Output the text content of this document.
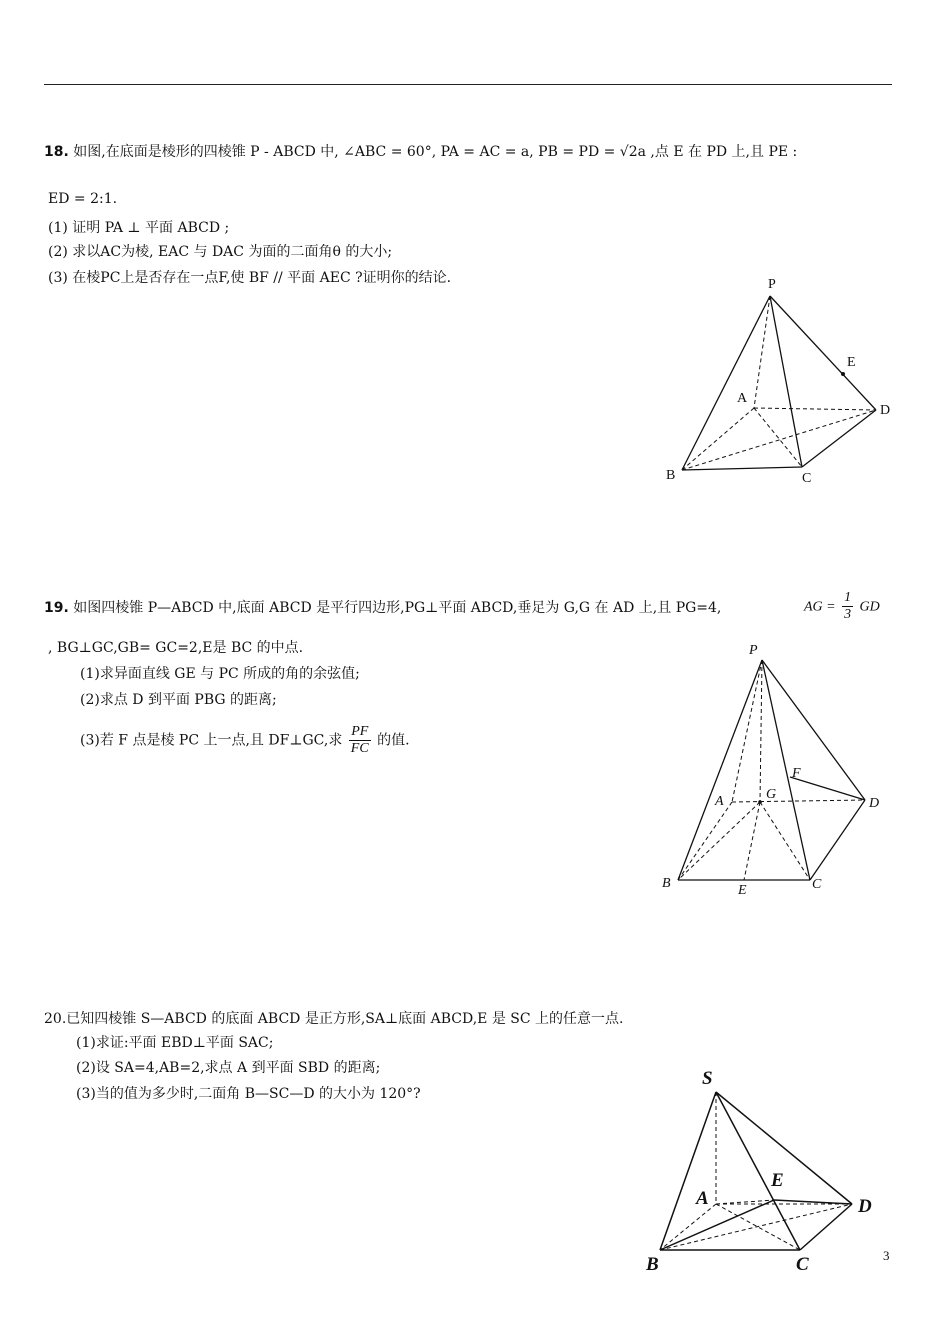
18. 如图,在底面是棱形的四棱锥 P - ABCD 中, ∠ABC = 60°, PA = AC = a, PB = PD = √2a ,点 E 在 PD 上,且 PE :
ED = 2:1.
(1) 证明 PA ⊥ 平面 ABCD ;
(2) 求以AC为棱, EAC 与 DAC 为面的二面角θ 的大小;
(3) 在棱PC上是否存在一点F,使 BF // 平面 AEC ?证明你的结论.	P
E
A
D
B	C
19. 如图四棱锥 P—ABCD 中,底面 ABCD 是平行四边形,PG⊥平面 ABCD,垂足为 G,G 在 AD 上,且 PG=4,	AG = $\frac{1}{3}$ GD
, BG⊥GC,GB= GC=2,E是 BC 的中点.
(1)求异面直线 GE 与 PC 所成的角的余弦值;
(2)求点 D 到平面 PBG 的距离;
(3)若 F 点是棱 PC 上一点,且 DF⊥GC,求 $\frac{PF}{FC}$ 的值.
P
F
A	G
D
B	E	C
20.已知四棱锥 S—ABCD 的底面 ABCD 是正方形,SA⊥底面 ABCD,E 是 SC 上的任意一点.
(1)求证:平面 EBD⊥平面 SAC;
(2)设 SA=4,AB=2,求点 A 到平面 SBD 的距离;
(3)当的值为多少时,二面角 B—SC—D 的大小为 120°?
S
E
A	D
B	C	3
